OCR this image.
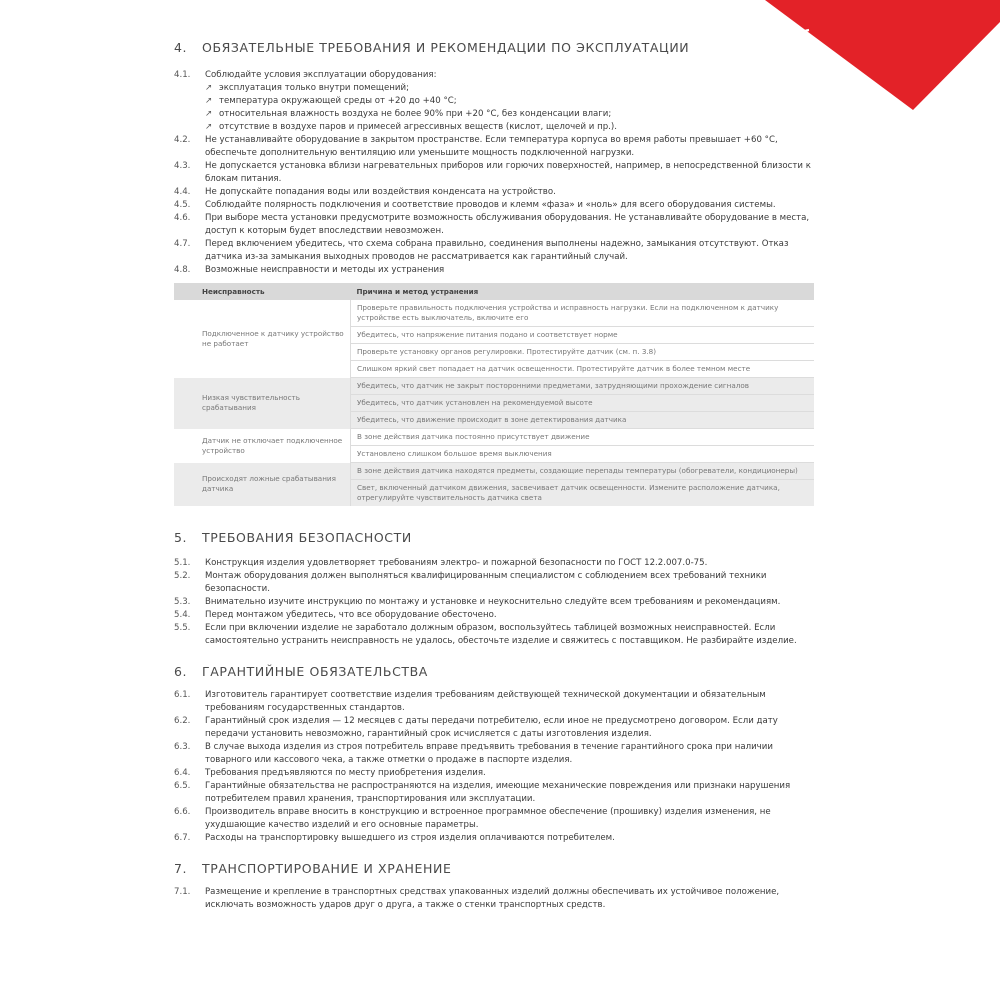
arlight
4.	ОБЯЗАТЕЛЬНЫЕ ТРЕБОВАНИЯ И РЕКОМЕНДАЦИИ ПО ЭКСПЛУАТАЦИИ
4.1.	Соблюдайте условия эксплуатации оборудования:
↗ эксплуатация только внутри помещений;
↗ температура окружающей среды от +20 до +40 °C;
↗ относительная влажность воздуха не более 90% при +20 °C, без конденсации влаги;
↗ отсутствие в воздухе паров и примесей агрессивных веществ (кислот, щелочей и пр.).
4.2.	Не устанавливайте оборудование в закрытом пространстве. Если температура корпуса во время работы превышает +60 °C, обеспечьте дополнительную вентиляцию или уменьшите мощность подключенной нагрузки.
4.3.	Не допускается установка вблизи нагревательных приборов или горючих поверхностей, например, в непосредственной близости к блокам питания.
4.4.	Не допускайте попадания воды или воздействия конденсата на устройство.
4.5.	Соблюдайте полярность подключения и соответствие проводов и клемм «фаза» и «ноль» для всего оборудования системы.
4.6.	При выборе места установки предусмотрите возможность обслуживания оборудования. Не устанавливайте оборудование в места, доступ к которым будет впоследствии невозможен.
4.7.	Перед включением убедитесь, что схема собрана правильно, соединения выполнены надежно, замыкания отсутствуют. Отказ датчика из-за замыкания выходных проводов не рассматривается как гарантийный случай.
4.8.	Возможные неисправности и методы их устранения
Неисправность	Причина и метод устранения
Подключенное к датчику устройство не работает	Проверьте правильность подключения устройства и исправность нагрузки. Если на подключенном к датчику устройстве есть выключатель, включите его
	Убедитесь, что напряжение питания подано и соответствует норме
	Проверьте установку органов регулировки. Протестируйте датчик (см. п. 3.8)
	Слишком яркий свет попадает на датчик освещенности. Протестируйте датчик в более темном месте
Низкая чувствительность срабатывания	Убедитесь, что датчик не закрыт посторонними предметами, затрудняющими прохождение сигналов
	Убедитесь, что датчик установлен на рекомендуемой высоте
	Убедитесь, что движение происходит в зоне детектирования датчика
Датчик не отключает подключенное устройство	В зоне действия датчика постоянно присутствует движение
	Установлено слишком большое время выключения
Происходят ложные срабатывания датчика	В зоне действия датчика находятся предметы, создающие перепады температуры (обогреватели, кондиционеры)
	Свет, включенный датчиком движения, засвечивает датчик освещенности. Измените расположение датчика, отрегулируйте чувствительность датчика света
5.	ТРЕБОВАНИЯ БЕЗОПАСНОСТИ
5.1.	Конструкция изделия удовлетворяет требованиям электро- и пожарной безопасности по ГОСТ 12.2.007.0-75.
5.2.	Монтаж оборудования должен выполняться квалифицированным специалистом с соблюдением всех требований техники безопасности.
5.3.	Внимательно изучите инструкцию по монтажу и установке и неукоснительно следуйте всем требованиям и рекомендациям.
5.4.	Перед монтажом убедитесь, что все оборудование обесточено.
5.5.	Если при включении изделие не заработало должным образом, воспользуйтесь таблицей возможных неисправностей. Если самостоятельно устранить неисправность не удалось, обесточьте изделие и свяжитесь с поставщиком. Не разбирайте изделие.
6.	ГАРАНТИЙНЫЕ ОБЯЗАТЕЛЬСТВА
6.1.	Изготовитель гарантирует соответствие изделия требованиям действующей технической документации и обязательным требованиям государственных стандартов.
6.2.	Гарантийный срок изделия — 12 месяцев с даты передачи потребителю, если иное не предусмотрено договором. Если дату передачи установить невозможно, гарантийный срок исчисляется с даты изготовления изделия.
6.3.	В случае выхода изделия из строя потребитель вправе предъявить требования в течение гарантийного срока при наличии товарного или кассового чека, а также отметки о продаже в паспорте изделия.
6.4.	Требования предъявляются по месту приобретения изделия.
6.5.	Гарантийные обязательства не распространяются на изделия, имеющие механические повреждения или признаки нарушения потребителем правил хранения, транспортирования или эксплуатации.
6.6.	Производитель вправе вносить в конструкцию и встроенное программное обеспечение (прошивку) изделия изменения, не ухудшающие качество изделий и его основные параметры.
6.7.	Расходы на транспортировку вышедшего из строя изделия оплачиваются потребителем.
7.	ТРАНСПОРТИРОВАНИЕ И ХРАНЕНИЕ
7.1.	Размещение и крепление в транспортных средствах упакованных изделий должны обеспечивать их устойчивое положение, исключать возможность ударов друг о друга, а также о стенки транспортных средств.
